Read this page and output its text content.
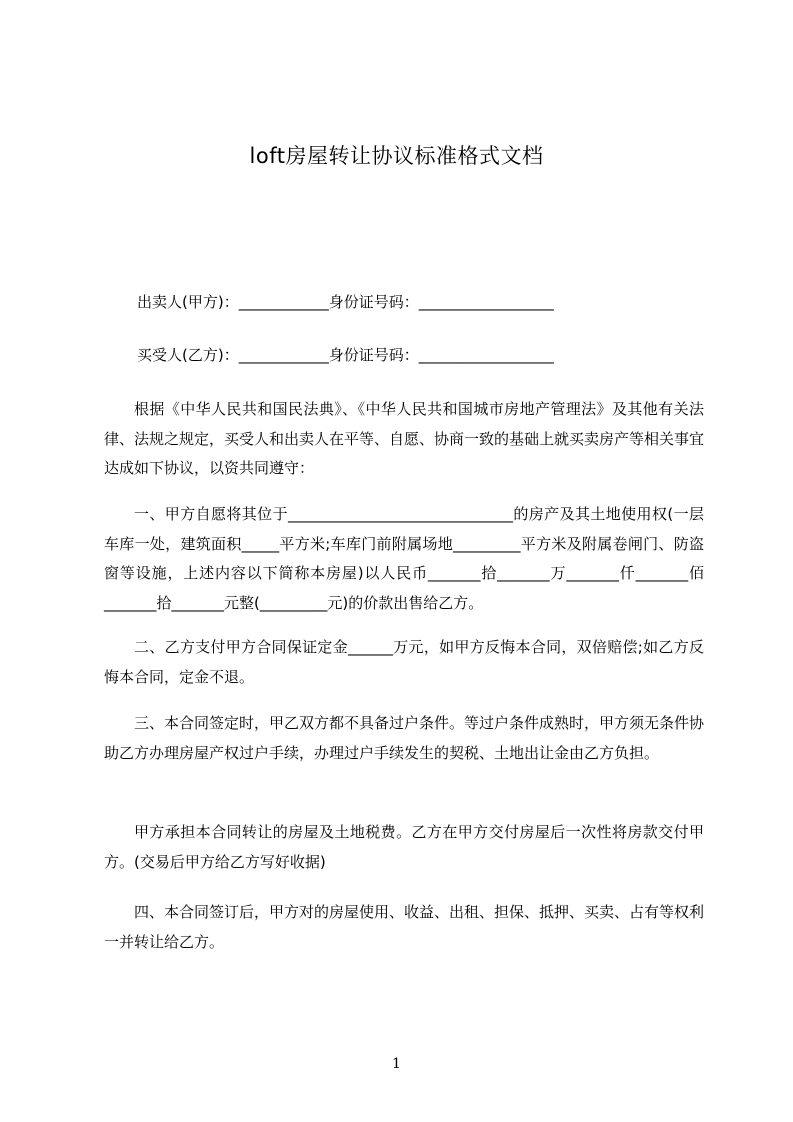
loft房屋转让协议标准格式文档
出卖人(甲方)：____________身份证号码：__________________
买受人(乙方)：____________身份证号码：__________________
根据《中华人民共和国民法典》、《中华人民共和国城市房地产管理法》及其他有关法律、法规之规定，买受人和出卖人在平等、自愿、协商一致的基础上就买卖房产等相关事宜达成如下协议，以资共同遵守：
一、甲方自愿将其位于______________________________的房产及其土地使用权(一层车库一处，建筑面积_____平方米;车库门前附属场地_________平方米及附属卷闸门、防盗窗等设施，上述内容以下简称本房屋)以人民币_______拾_______万_______仟_______佰_______拾_______元整(_________元)的价款出售给乙方。
二、乙方支付甲方合同保证定金______万元，如甲方反悔本合同，双倍赔偿;如乙方反悔本合同，定金不退。
三、本合同签定时，甲乙双方都不具备过户条件。等过户条件成熟时，甲方须无条件协助乙方办理房屋产权过户手续，办理过户手续发生的契税、土地出让金由乙方负担。
甲方承担本合同转让的房屋及土地税费。乙方在甲方交付房屋后一次性将房款交付甲方。(交易后甲方给乙方写好收据)
四、本合同签订后，甲方对的房屋使用、收益、出租、担保、抵押、买卖、占有等权利一并转让给乙方。
1
